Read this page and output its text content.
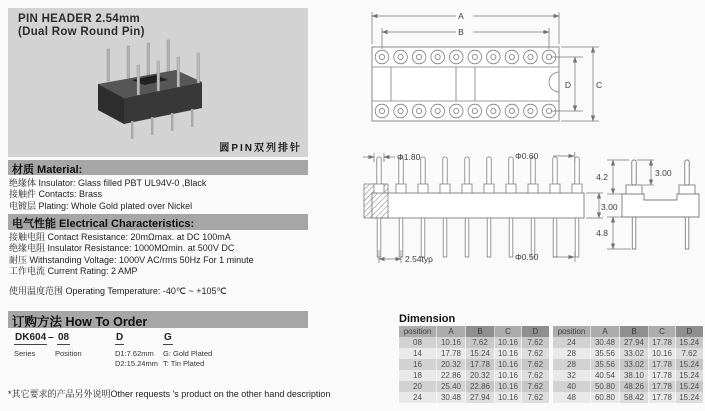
PIN HEADER 2.54mm
(Dual Row Round Pin)
圆PIN双列排针
材质 Material:
绝缘体 Insulator: Glass filled PBT UL94V-0 ,Black
接触件 Contacts: Brass
电镀层 Plating: Whole Gold plated over Nickel
电气性能 Electrical Characteristics:
接触电阻 Contact Resistance: 20mΩmax. at DC 100mA
绝缘电阻 Insulator Resistance: 1000MΩmin. at 500V DC
耐压 Withstanding Voltage: 1000V AC/rms 50Hz For 1 minute
工作电流 Current Rating: 2 AMP
使用温度范围 Operating Temperature: -40℃ ~ +105℃
订购方法 How To Order
DK604 – 08	D	G
Series	Position	D1:7.62mm
D2:15.24mm
G: Gold Plated
T: Tin Plated
*其它要求的产品另外说明Other requests 's product on the other hand description
A
B
C
D
Φ1.80	Φ0.60
3.00
2.54typ	Φ0.50
4.2	3.00
4.8
Dimension
position	A	B	C	D
08	10.16	7.62	10.16	7.62
14	17.78	15.24	10.16	7.62
16	20.32	17.78	10.16	7.62
18	22.86	20.32	10.16	7.62
20	25.40	22.86	10.16	7.62
24	30.48	27.94	10.16	7.62
position	A	B	C	D
24	30.48	27.94	17.78	15.24
28	35.56	33.02	10.16	7.62
28	35.56	33.02	17.78	15.24
32	40.54	38.10	17.78	15.24
40	50.80	48.26	17.78	15.24
48	60.80	58.42	17.78	15.24
